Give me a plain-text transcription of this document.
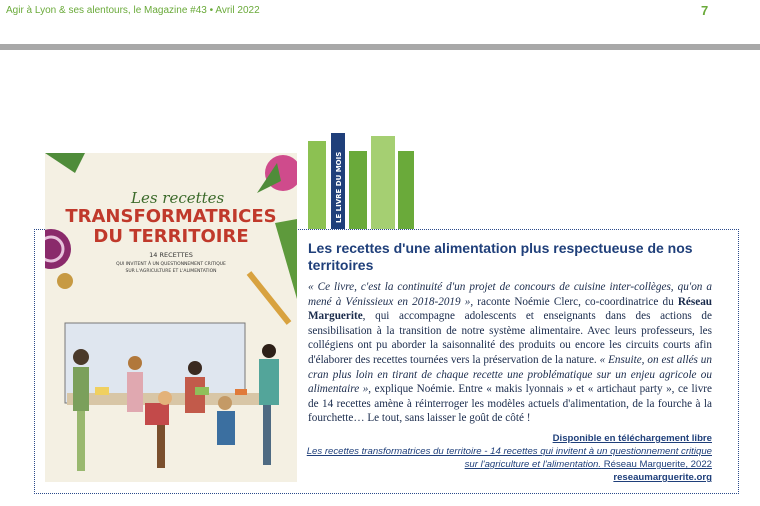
Agir à Lyon & ses alentours, le Magazine #43 • Avril 2022	7
Les recettes
TRANSFORMATRICES
DU TERRITOIRE
14 RECETTES
QUI INVITENT À UN QUESTIONNEMENT CRITIQUE
SUR L'AGRICULTURE ET L'ALIMENTATION
LE LIVRE DU MOIS
Les recettes d'une alimentation plus respectueuse de nos territoires
« Ce livre, c'est la continuité d'un projet de concours de cuisine inter-collèges, qu'on a mené à Vénissieux en 2018-2019 », raconte Noémie Clerc, co-coordinatrice du Réseau Marguerite, qui accompagne adolescents et enseignants dans des actions de sensibilisation à la transition de notre système alimentaire. Avec leurs professeurs, les collégiens ont pu aborder la saisonnalité des produits ou encore les circuits courts afin d'élaborer des recettes tournées vers la préservation de la nature. « Ensuite, on est allés un cran plus loin en tirant de chaque recette une problématique sur un enjeu agricole ou alimentaire », explique Noémie. Entre « makis lyonnais » et « artichaut party », ce livre de 14 recettes amène à réinterroger les modèles actuels d'alimentation, de la fourche à la fourchette… Le tout, sans laisser le goût de côté !
Disponible en téléchargement libre
Les recettes transformatrices du territoire - 14 recettes qui invitent à un questionnement critique sur l'agriculture et l'alimentation. Réseau Marguerite, 2022
reseaumarguerite.org
